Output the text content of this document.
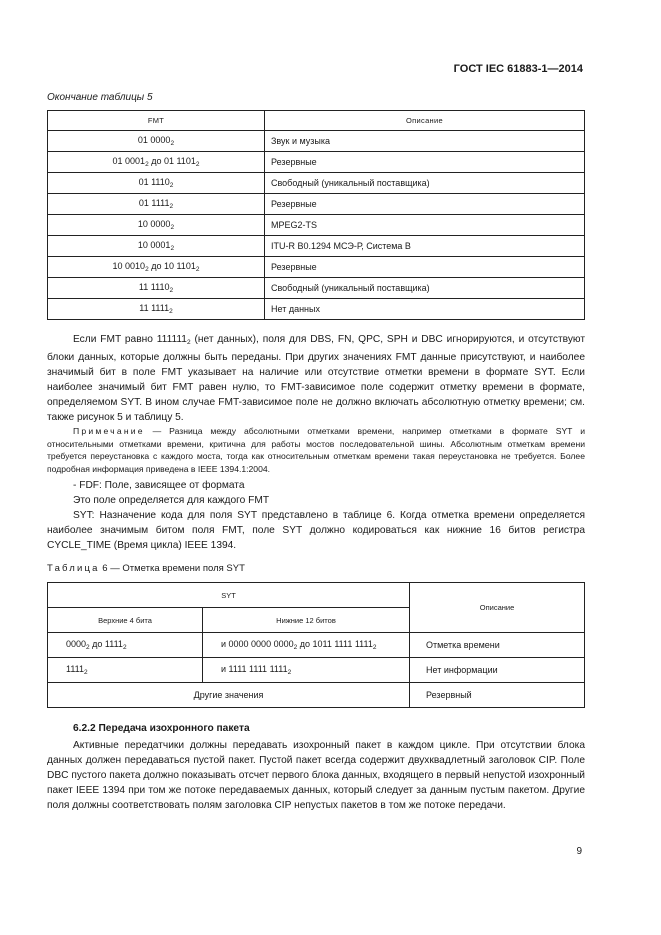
ГОСТ IEC 61883-1—2014
Окончание таблицы 5
FMT	Описание
01 $0000_2$	Звук и музыка
01 $0001_2$ до 01 $1101_2$	Резервные
01 $1110_2$	Свободный (уникальный поставщика)
01 $1111_2$	Резервные
10 $0000_2$	MPEG2-TS
10 $0001_2$	ITU-R B0.1294 МСЭ-Р, Система В
10 $0010_2$ до 10 $1101_2$	Резервные
11 $1110_2$	Свободный (уникальный поставщика)
11 $1111_2$	Нет данных

Если FMT равно $111111_2$ (нет данных), поля для DBS, FN, QPC, SPH и DBC игнорируются, и отсутствуют блоки данных, которые должны быть переданы. При других значениях FMT данные присутствуют, и наиболее значимый бит в поле FMT указывает на наличие или отсутствие отметки времени в формате SYT. Если наиболее значимый бит FMT равен нулю, то FMT-зависимое поле содержит отметку времени в формате, определяемом SYT. В ином случае FMT-зависимое поле не должно включать абсолютную отметку времени; см. также рисунок 5 и таблицу 5.

Примечание — Разница между абсолютными отметками времени, например отметками в формате SYT и относительными отметками времени, критична для работы мостов последовательной шины. Абсолютным отметкам времени требуется переустановка с каждого моста, тогда как относительным отметкам времени такая переустановка не требуется. Более подробная информация приведена в IEEE 1394.1:2004.

- FDF: Поле, зависящее от формата

Это поле определяется для каждого FMT

SYT: Назначение кода для поля SYT представлено в таблице 6. Когда отметка времени определяется наиболее значимым битом поля FMT, поле SYT должно кодироваться как нижние 16 битов регистра CYCLE_TIME (Время цикла) IEEE 1394.

Таблица 6 — Отметка времени поля SYT
SYT		Описание
Верхние 4 бита	Нижние 12 битов	
$0000_2$ до $1111_2$	и 0000 0000 $0000_2$ до 1011 1111 $1111_2$	Отметка времени
$1111_2$	и 1111 1111 $1111_2$	Нет информации
Другие значения		Резервный
6.2.2 Передача изохронного пакета

Активные передатчики должны передавать изохронный пакет в каждом цикле. При отсутствии блока данных должен передаваться пустой пакет. Пустой пакет всегда содержит двухквадлетный заголовок CIP. Поле DBC пустого пакета должно показывать отсчет первого блока данных, входящего в первый непустой изохронный пакет IEEE 1394 при том же потоке передаваемых данных, который следует за данным пустым пакетом. Другие поля должны соответствовать полям заголовка CIP непустых пакетов в том же потоке передачи.

9
